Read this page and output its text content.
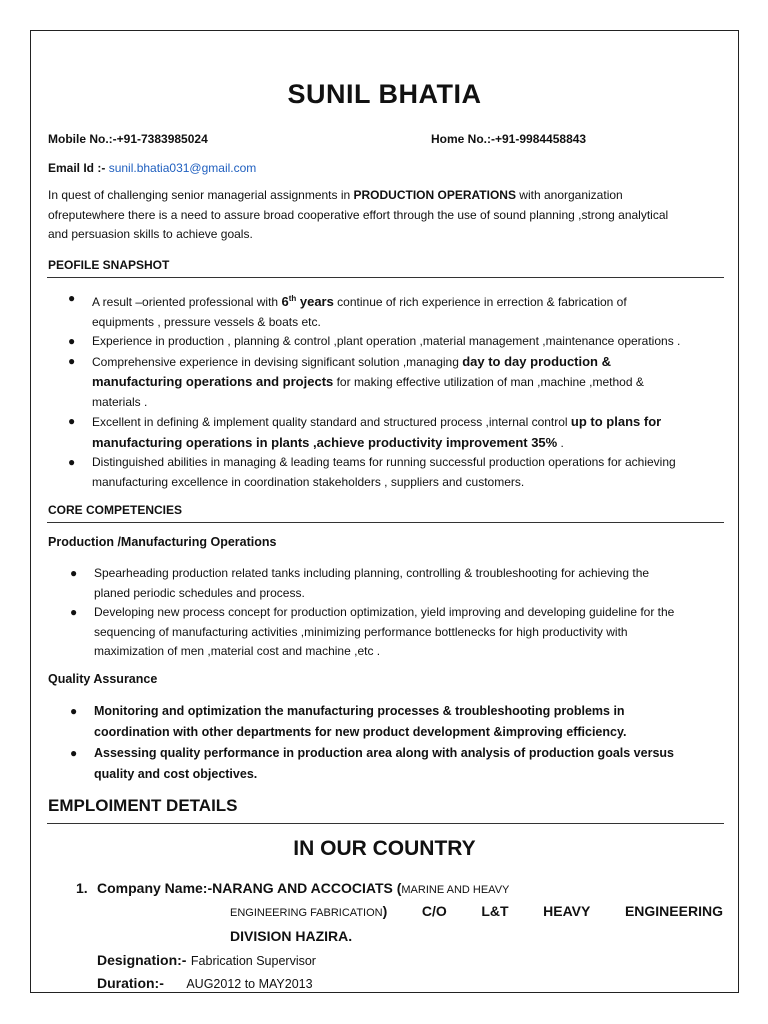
SUNIL BHATIA
Mobile No.:-+91-7383985024	Home No.:-+91-9984458843
Email Id :- sunil.bhatia031@gmail.com
In quest of challenging senior managerial assignments in PRODUCTION OPERATIONS with anorganization
ofreputewhere there is a need to assure broad cooperative effort through the use of sound planning ,strong analytical
and persuasion skills to achieve goals.
PEOFILE SNAPSHOT
● A result –oriented professional with 6th years continue of rich experience in errection & fabrication of
equipments , pressure vessels & boats etc.
● Experience in production , planning & control ,plant operation ,material management ,maintenance operations .
● Comprehensive experience in devising significant solution ,managing day to day production &
manufacturing operations and projects for making effective utilization of man ,machine ,method &
materials .
● Excellent in defining & implement quality standard and structured process ,internal control up to plans for
manufacturing operations in plants ,achieve productivity improvement 35% .
● Distinguished abilities in managing & leading teams for running successful production operations for achieving
manufacturing excellence in coordination stakeholders , suppliers and customers.
CORE COMPETENCIES
Production /Manufacturing Operations
● Spearheading production related tanks including planning, controlling & troubleshooting for achieving the
planed periodic schedules and process.
● Developing new process concept for production optimization, yield improving and developing guideline for the
sequencing of manufacturing activities ,minimizing performance bottlenecks for high productivity with
maximization of men ,material cost and machine ,etc .
Quality Assurance
● Monitoring and optimization the manufacturing processes & troubleshooting problems in
coordination with other departments for new product development &improving efficiency.
● Assessing quality performance in production area along with analysis of production goals versus
quality and cost objectives.
EMPLOIMENT DETAILS
IN OUR COUNTRY
1. Company Name:-NARANG AND ACCOCIATS (MARINE AND HEAVY
ENGINEERING FABRICATION) C/O L&T HEAVY ENGINEERING
DIVISION HAZIRA.
Designation:- Fabrication Supervisor
Duration:- AUG2012 to MAY2013
